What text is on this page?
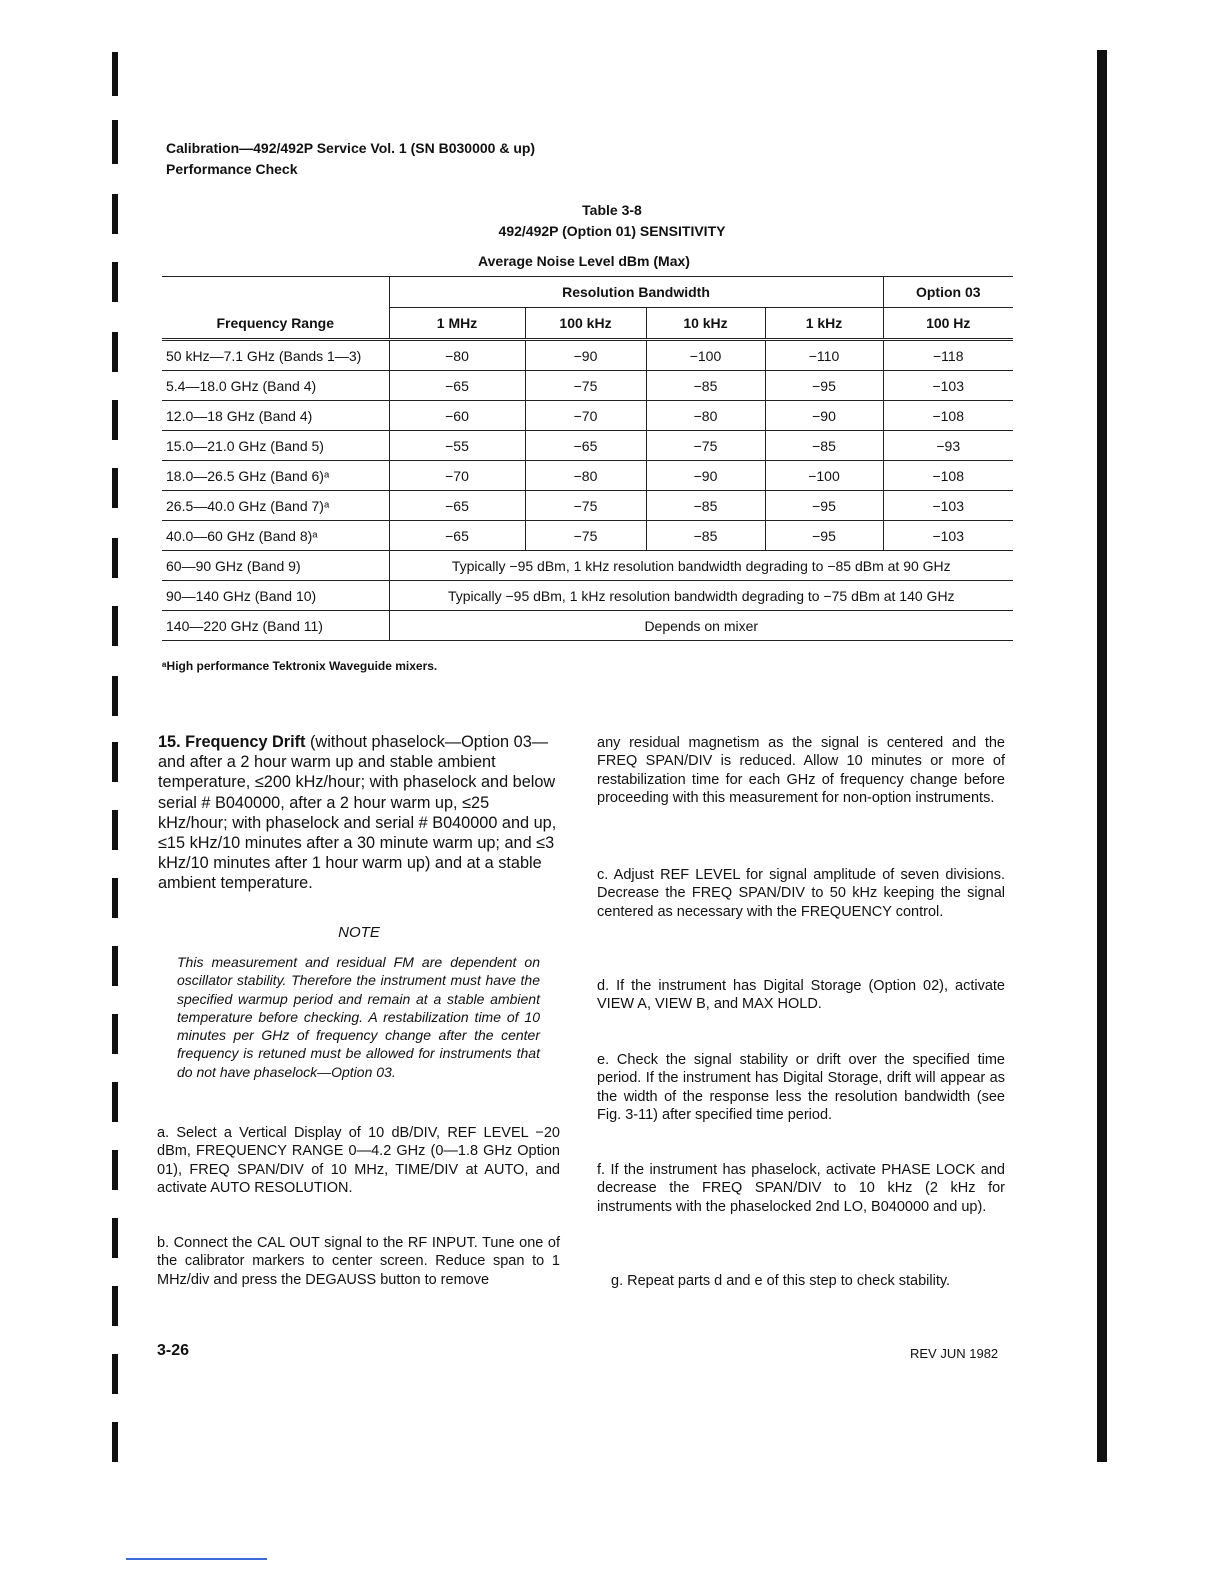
Calibration—492/492P Service Vol. 1 (SN B030000 & up)
Performance Check
Table 3-8
492/492P (Option 01) SENSITIVITY
Average Noise Level dBm (Max)
	Resolution Bandwidth				Option 03
Frequency Range	1 MHz	100 kHz	10 kHz	1 kHz	100 Hz
50 kHz—7.1 GHz (Bands 1—3)	−80	−90	−100	−110	−118
5.4—18.0 GHz (Band 4)	−65	−75	−85	−95	−103
12.0—18 GHz (Band 4)	−60	−70	−80	−90	−108
15.0—21.0 GHz (Band 5)	−55	−65	−75	−85	−93
18.0—26.5 GHz (Band 6)ᵃ	−70	−80	−90	−100	−108
26.5—40.0 GHz (Band 7)ᵃ	−65	−75	−85	−95	−103
40.0—60 GHz (Band 8)ᵃ	−65	−75	−85	−95	−103
60—90 GHz (Band 9)	Typically −95 dBm, 1 kHz resolution bandwidth degrading to −85 dBm at 90 GHz				
90—140 GHz (Band 10)	Typically −95 dBm, 1 kHz resolution bandwidth degrading to −75 dBm at 140 GHz				
140—220 GHz (Band 11)	Depends on mixer				
ᵃHigh performance Tektronix Waveguide mixers.
15. Frequency Drift (without phaselock—Option 03—and after a 2 hour warm up and stable ambient temperature, ≤200 kHz/hour; with phaselock and below serial # B040000, after a 2 hour warm up, ≤25 kHz/hour; with phaselock and serial # B040000 and up, ≤15 kHz/10 minutes after a 30 minute warm up; and ≤3 kHz/10 minutes after 1 hour warm up) and at a stable ambient temperature.
NOTE
This measurement and residual FM are dependent on oscillator stability. Therefore the instrument must have the specified warmup period and remain at a stable ambient temperature before checking. A restabilization time of 10 minutes per GHz of frequency change after the center frequency is retuned must be allowed for instruments that do not have phaselock—Option 03.
a. Select a Vertical Display of 10 dB/DIV, REF LEVEL −20 dBm, FREQUENCY RANGE 0—4.2 GHz (0—1.8 GHz Option 01), FREQ SPAN/DIV of 10 MHz, TIME/DIV at AUTO, and activate AUTO RESOLUTION.
b. Connect the CAL OUT signal to the RF INPUT. Tune one of the calibrator markers to center screen. Reduce span to 1 MHz/div and press the DEGAUSS button to remove
any residual magnetism as the signal is centered and the FREQ SPAN/DIV is reduced. Allow 10 minutes or more of restabilization time for each GHz of frequency change before proceeding with this measurement for non-option instruments.
c. Adjust REF LEVEL for signal amplitude of seven divisions. Decrease the FREQ SPAN/DIV to 50 kHz keeping the signal centered as necessary with the FREQUENCY control.
d. If the instrument has Digital Storage (Option 02), activate VIEW A, VIEW B, and MAX HOLD.
e. Check the signal stability or drift over the specified time period. If the instrument has Digital Storage, drift will appear as the width of the response less the resolution bandwidth (see Fig. 3-11) after specified time period.
f. If the instrument has phaselock, activate PHASE LOCK and decrease the FREQ SPAN/DIV to 10 kHz (2 kHz for instruments with the phaselocked 2nd LO, B040000 and up).
g. Repeat parts d and e of this step to check stability.
3-26	REV JUN 1982
